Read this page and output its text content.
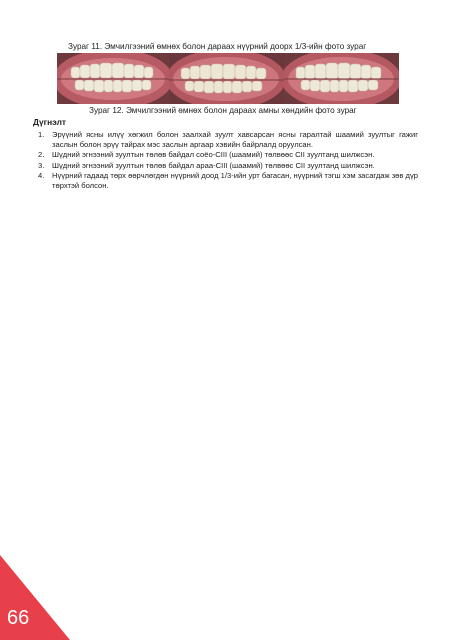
Зураг 11. Эмчилгээний өмнөх болон дараах нүүрний доорх 1/3-ийн фото зураг
Зураг 12. Эмчилгээний өмнөх болон дараах амны хөндийн фото зураг
Дүгнэлт
1. Эрүүний ясны илүү хөгжил болон заалхай зуулт хавсарсан ясны гаралтай шаамий зуултыг гажиг заслын болон эрүү тайрах мэс заслын аргаар хэвийн байрлалд оруулсан.
2. Шүдний эгнээний зуултын төлөв байдал соёо-CIII (шаамий) төлвөөс CII зуултанд шилжсэн.
3. Шүдний эгнээний зуултын төлөв байдал араа-CIII (шаамий) төлвөөс CII зуултанд шилжсэн.
4. Нүүрний гадаад төрх өөрчлөгдөн нүүрний доод 1/3-ийн урт багасан, нүүрний тэгш хэм засагдаж зөв дүр төрхтэй болсон.
66
